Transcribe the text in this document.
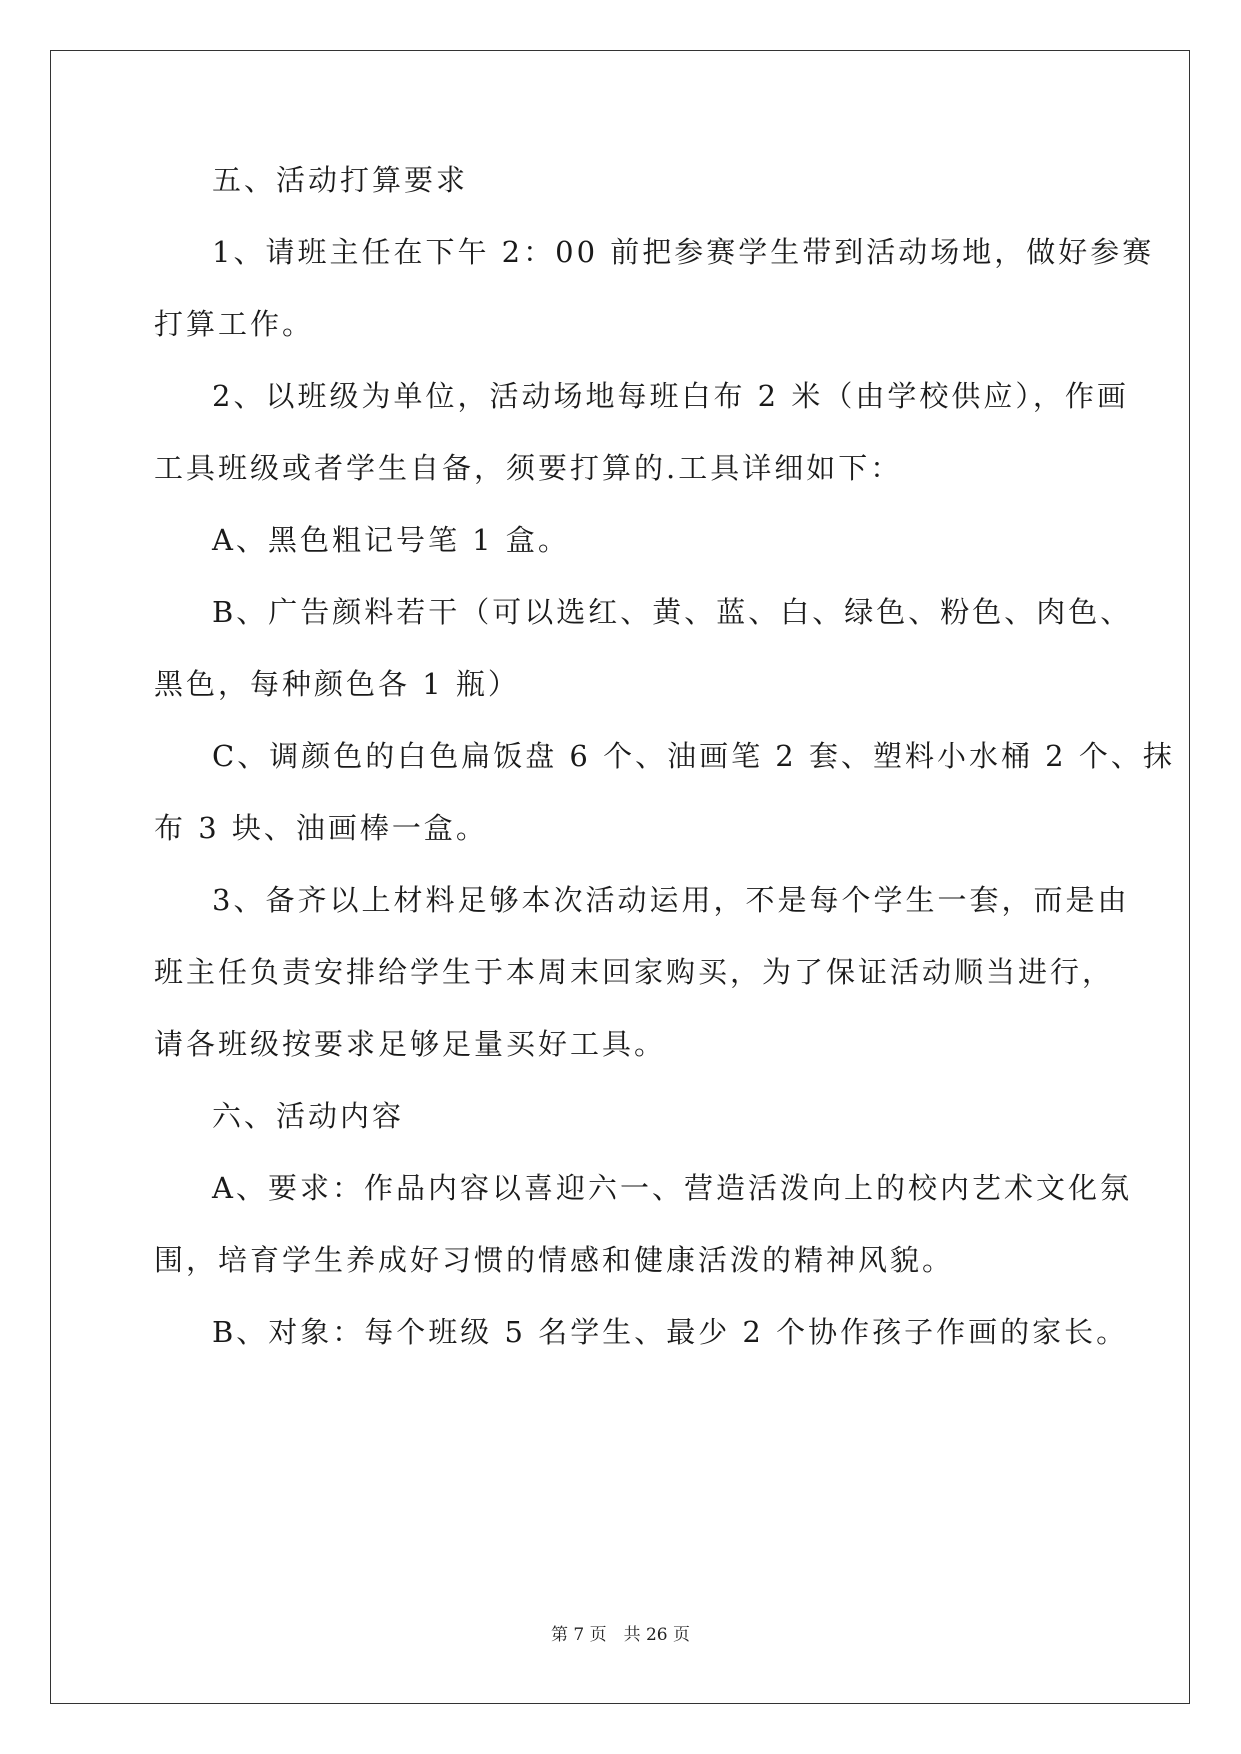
五、活动打算要求
1、请班主任在下午 2：00 前把参赛学生带到活动场地，做好参赛
打算工作。
2、以班级为单位，活动场地每班白布 2 米（由学校供应），作画
工具班级或者学生自备，须要打算的.工具详细如下：
A、黑色粗记号笔 1 盒。
B、广告颜料若干（可以选红、黄、蓝、白、绿色、粉色、肉色、
黑色，每种颜色各 1 瓶）
C、调颜色的白色扁饭盘 6 个、油画笔 2 套、塑料小水桶 2 个、抹
布 3 块、油画棒一盒。
3、备齐以上材料足够本次活动运用，不是每个学生一套，而是由
班主任负责安排给学生于本周末回家购买，为了保证活动顺当进行，
请各班级按要求足够足量买好工具。
六、活动内容
A、要求：作品内容以喜迎六一、营造活泼向上的校内艺术文化氛
围，培育学生养成好习惯的情感和健康活泼的精神风貌。
B、对象：每个班级 5 名学生、最少 2 个协作孩子作画的家长。
第 7 页　共 26 页
